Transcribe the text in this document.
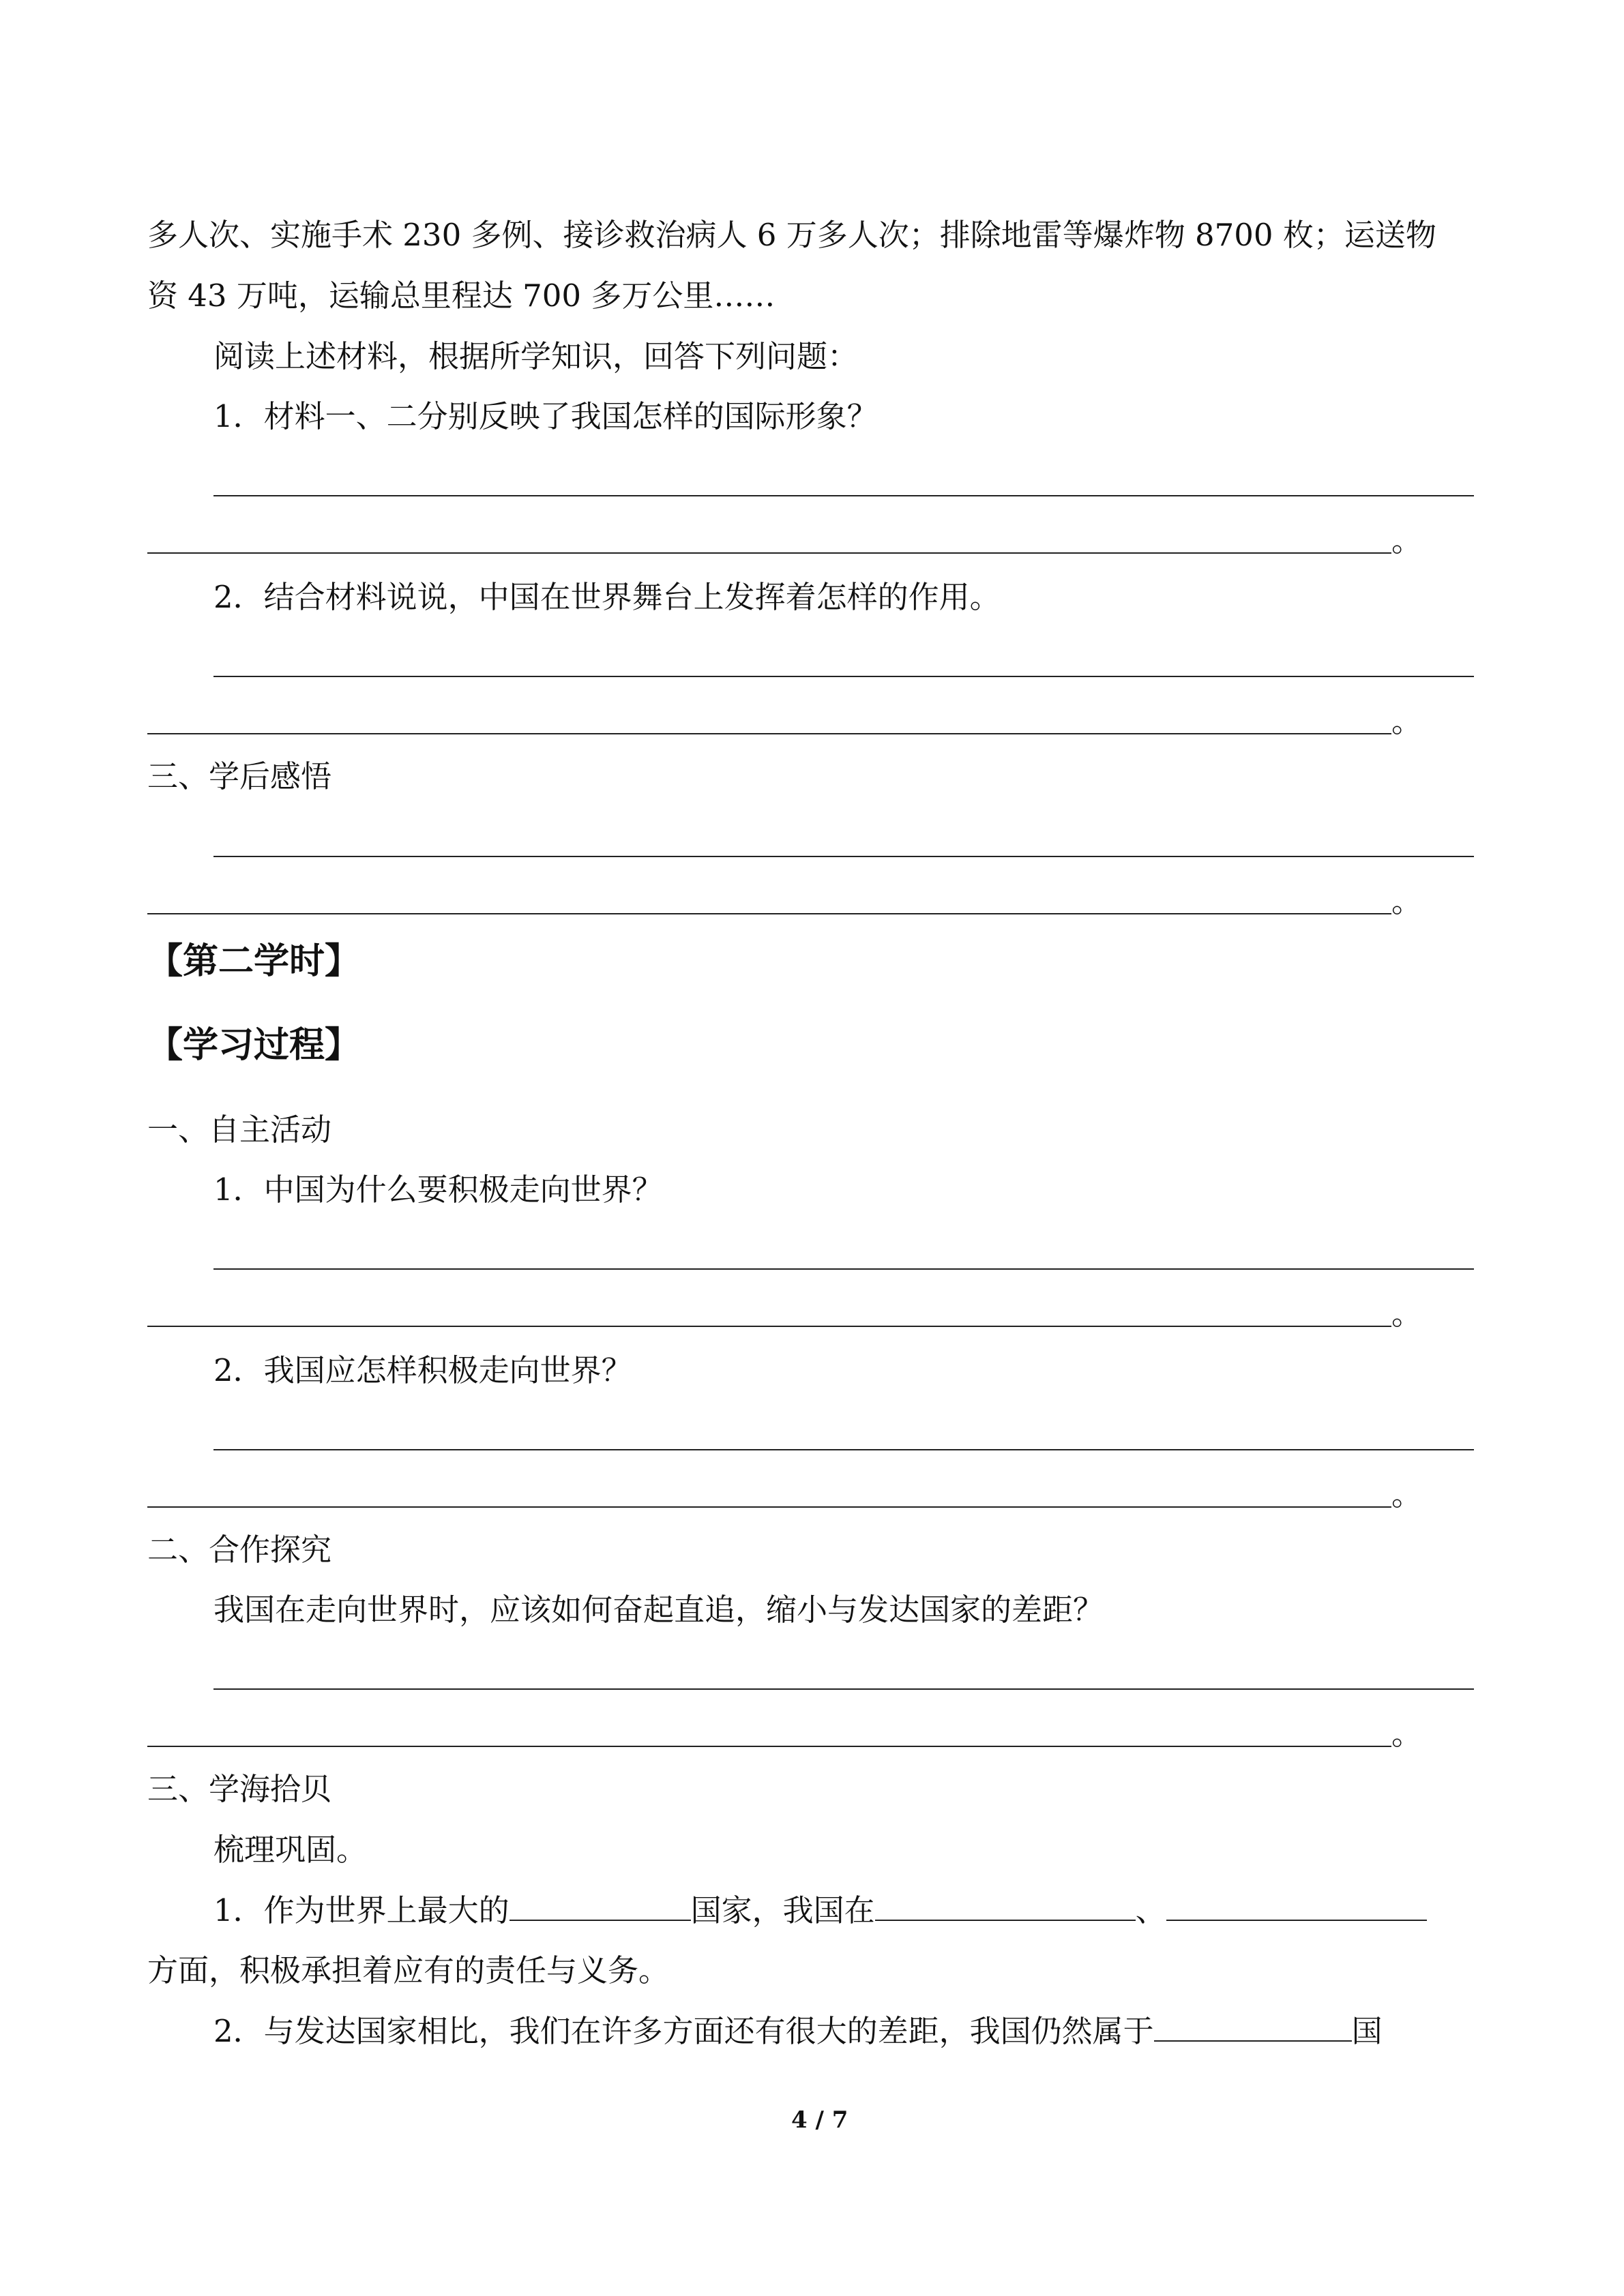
多人次、实施手术 230 多例、接诊救治病人 6 万多人次；排除地雷等爆炸物 8700 枚；运送物
资 43 万吨，运输总里程达 700 多万公里……
阅读上述材料，根据所学知识，回答下列问题：
1．材料一、二分别反映了我国怎样的国际形象？
。
2．结合材料说说，中国在世界舞台上发挥着怎样的作用。
。
三、学后感悟
。
【第二学时】
【学习过程】
一、自主活动
1．中国为什么要积极走向世界？
。
2．我国应怎样积极走向世界？
。
二、合作探究
我国在走向世界时，应该如何奋起直追，缩小与发达国家的差距？
。
三、学海拾贝
梳理巩固。
1．作为世界上最大的	国家，我国在	、
方面，积极承担着应有的责任与义务。
2．与发达国家相比，我们在许多方面还有很大的差距，我国仍然属于	国
4 / 7
